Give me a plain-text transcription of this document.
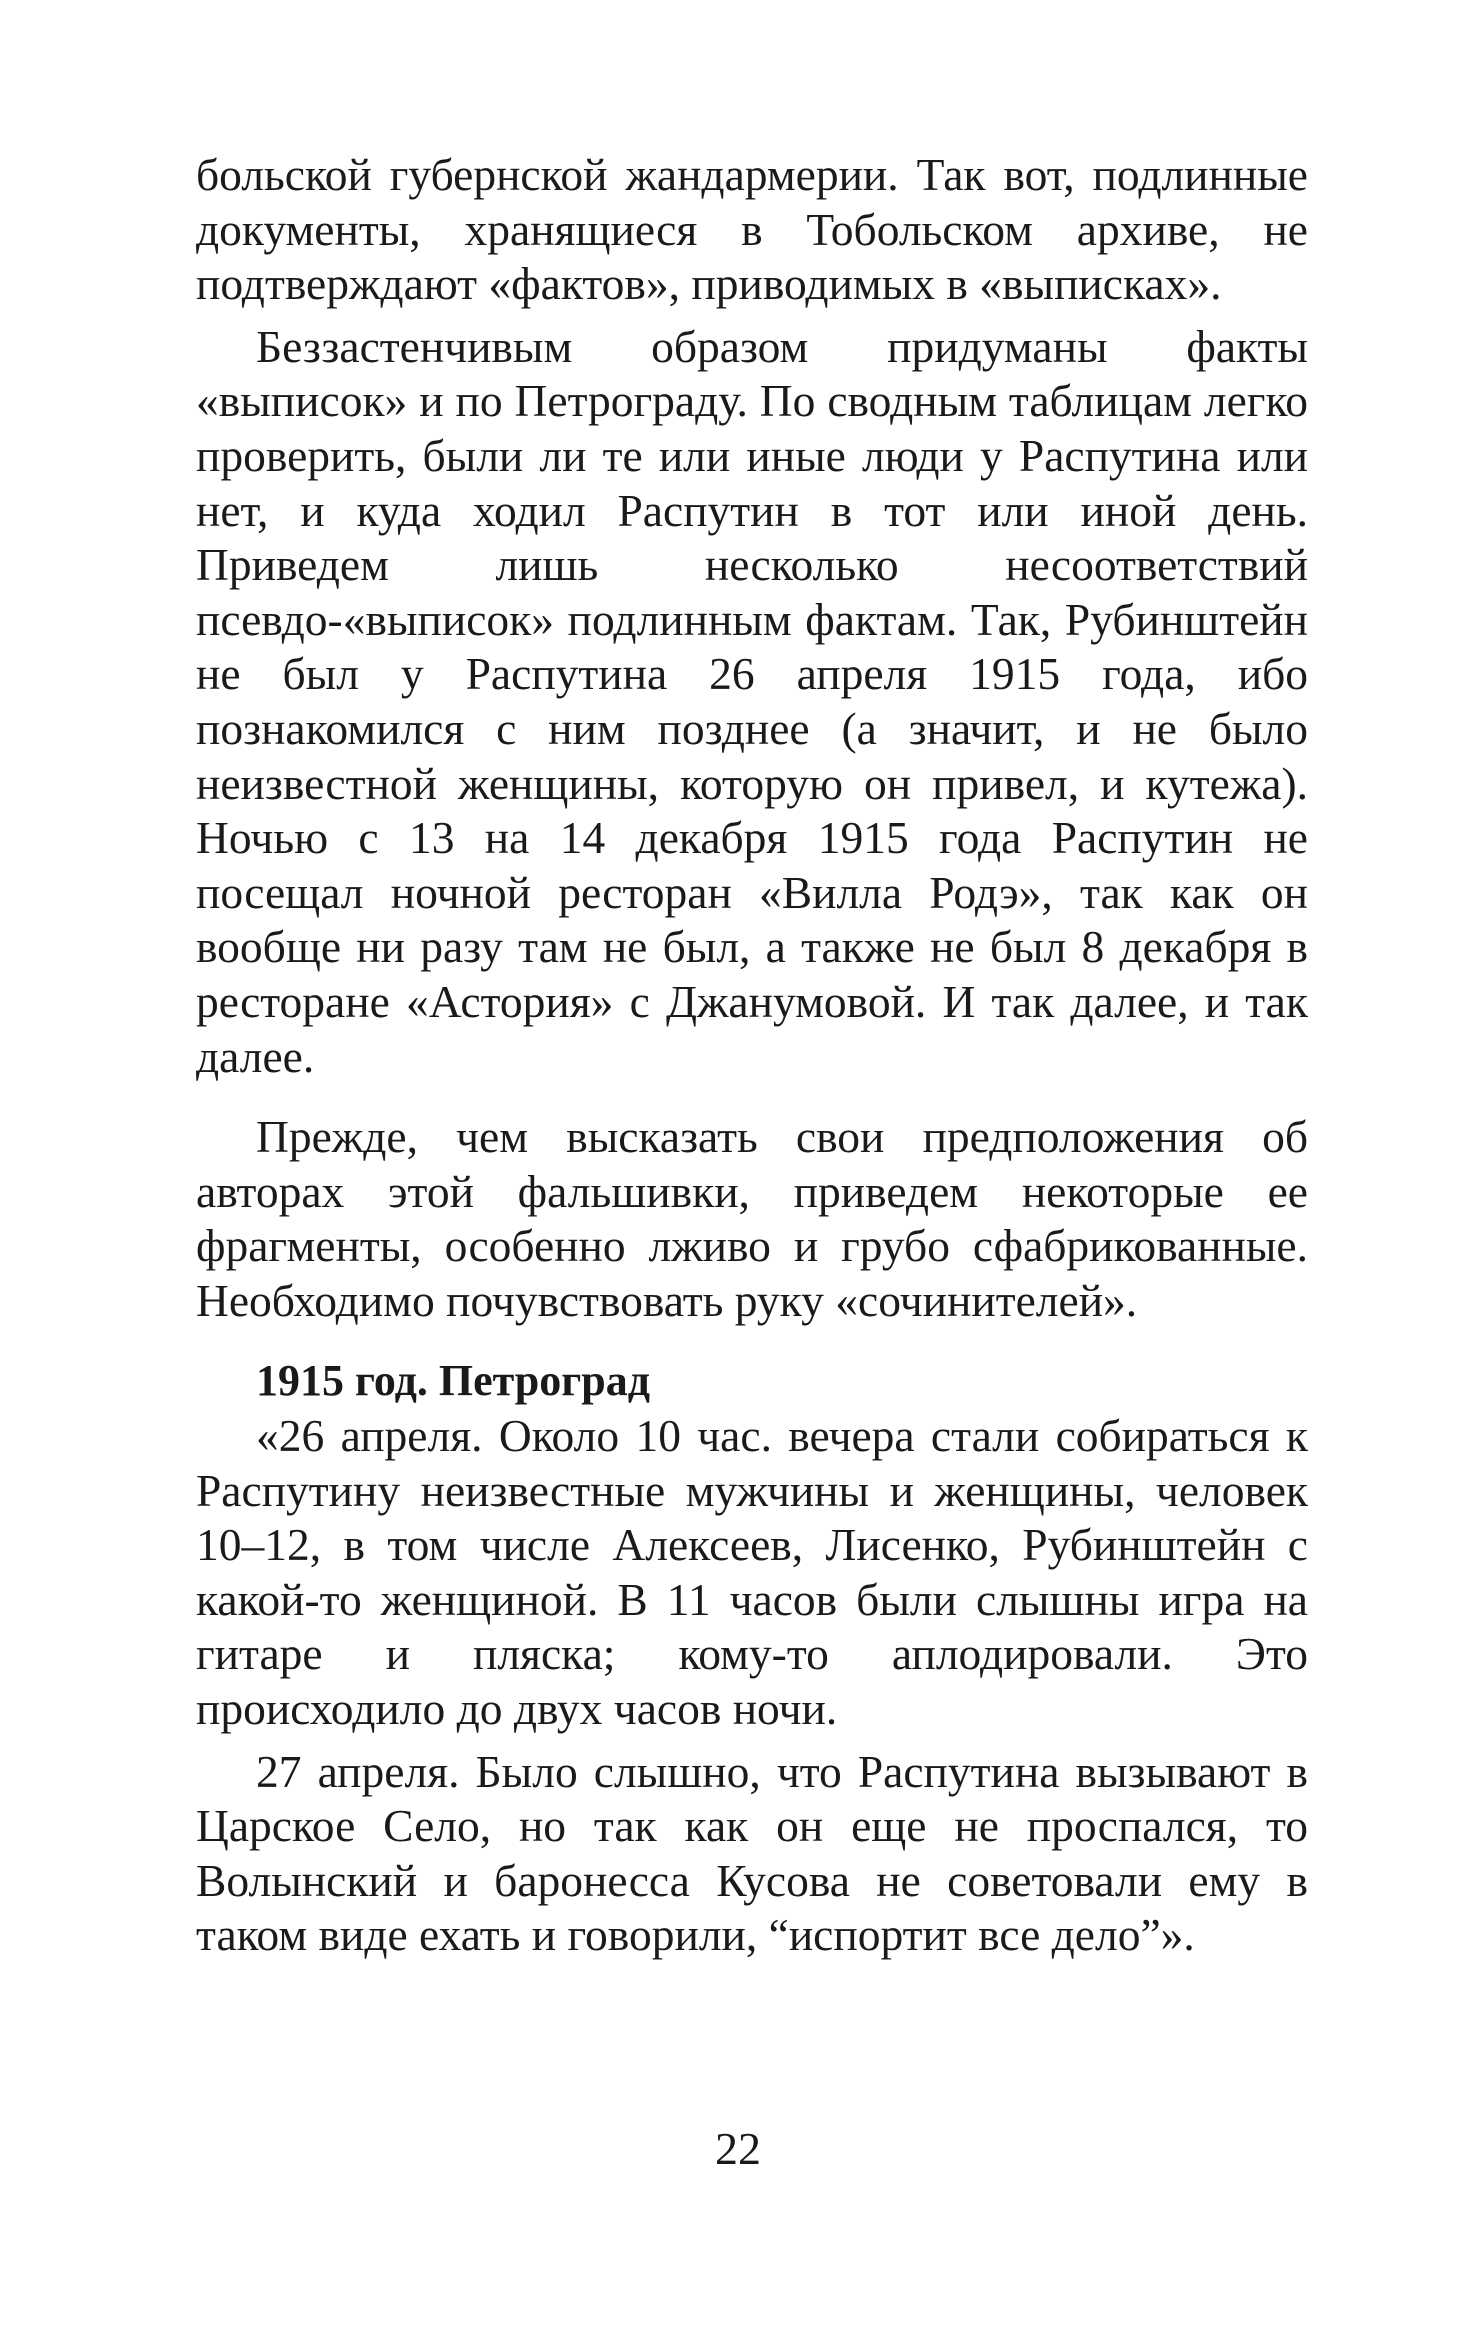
больской губернской жандармерии. Так вот, подлинные документы, хранящиеся в Тобольском архиве, не подтверждают «фактов», приводимых в «выписках».

Беззастенчивым образом придуманы факты «выписок» и по Петрограду. По сводным таблицам легко проверить, были ли те или иные люди у Распутина или нет, и куда ходил Распутин в тот или иной день. Приведем лишь несколько несоответствий псевдо-«выписок» подлинным фактам. Так, Рубинштейн не был у Распутина 26 апреля 1915 года, ибо познакомился с ним позднее (а значит, и не было неизвестной женщины, которую он привел, и кутежа). Ночью с 13 на 14 декабря 1915 года Распутин не посещал ночной ресторан «Вилла Родэ», так как он вообще ни разу там не был, а также не был 8 декабря в ресторане «Астория» с Джанумовой. И так далее, и так далее.

Прежде, чем высказать свои предположения об авторах этой фальшивки, приведем некоторые ее фрагменты, особенно лживо и грубо сфабрикованные. Необходимо почувствовать руку «сочинителей».

1915 год. Петроград

«26 апреля. Около 10 час. вечера стали собираться к Распутину неизвестные мужчины и женщины, человек 10–12, в том числе Алексеев, Лисенко, Рубинштейн с какой-то женщиной. В 11 часов были слышны игра на гитаре и пляска; кому-то аплодировали. Это происходило до двух часов ночи.

27 апреля. Было слышно, что Распутина вызывают в Царское Село, но так как он еще не проспался, то Волынский и баронесса Кусова не советовали ему в таком виде ехать и говорили, “испортит все дело”».

22
